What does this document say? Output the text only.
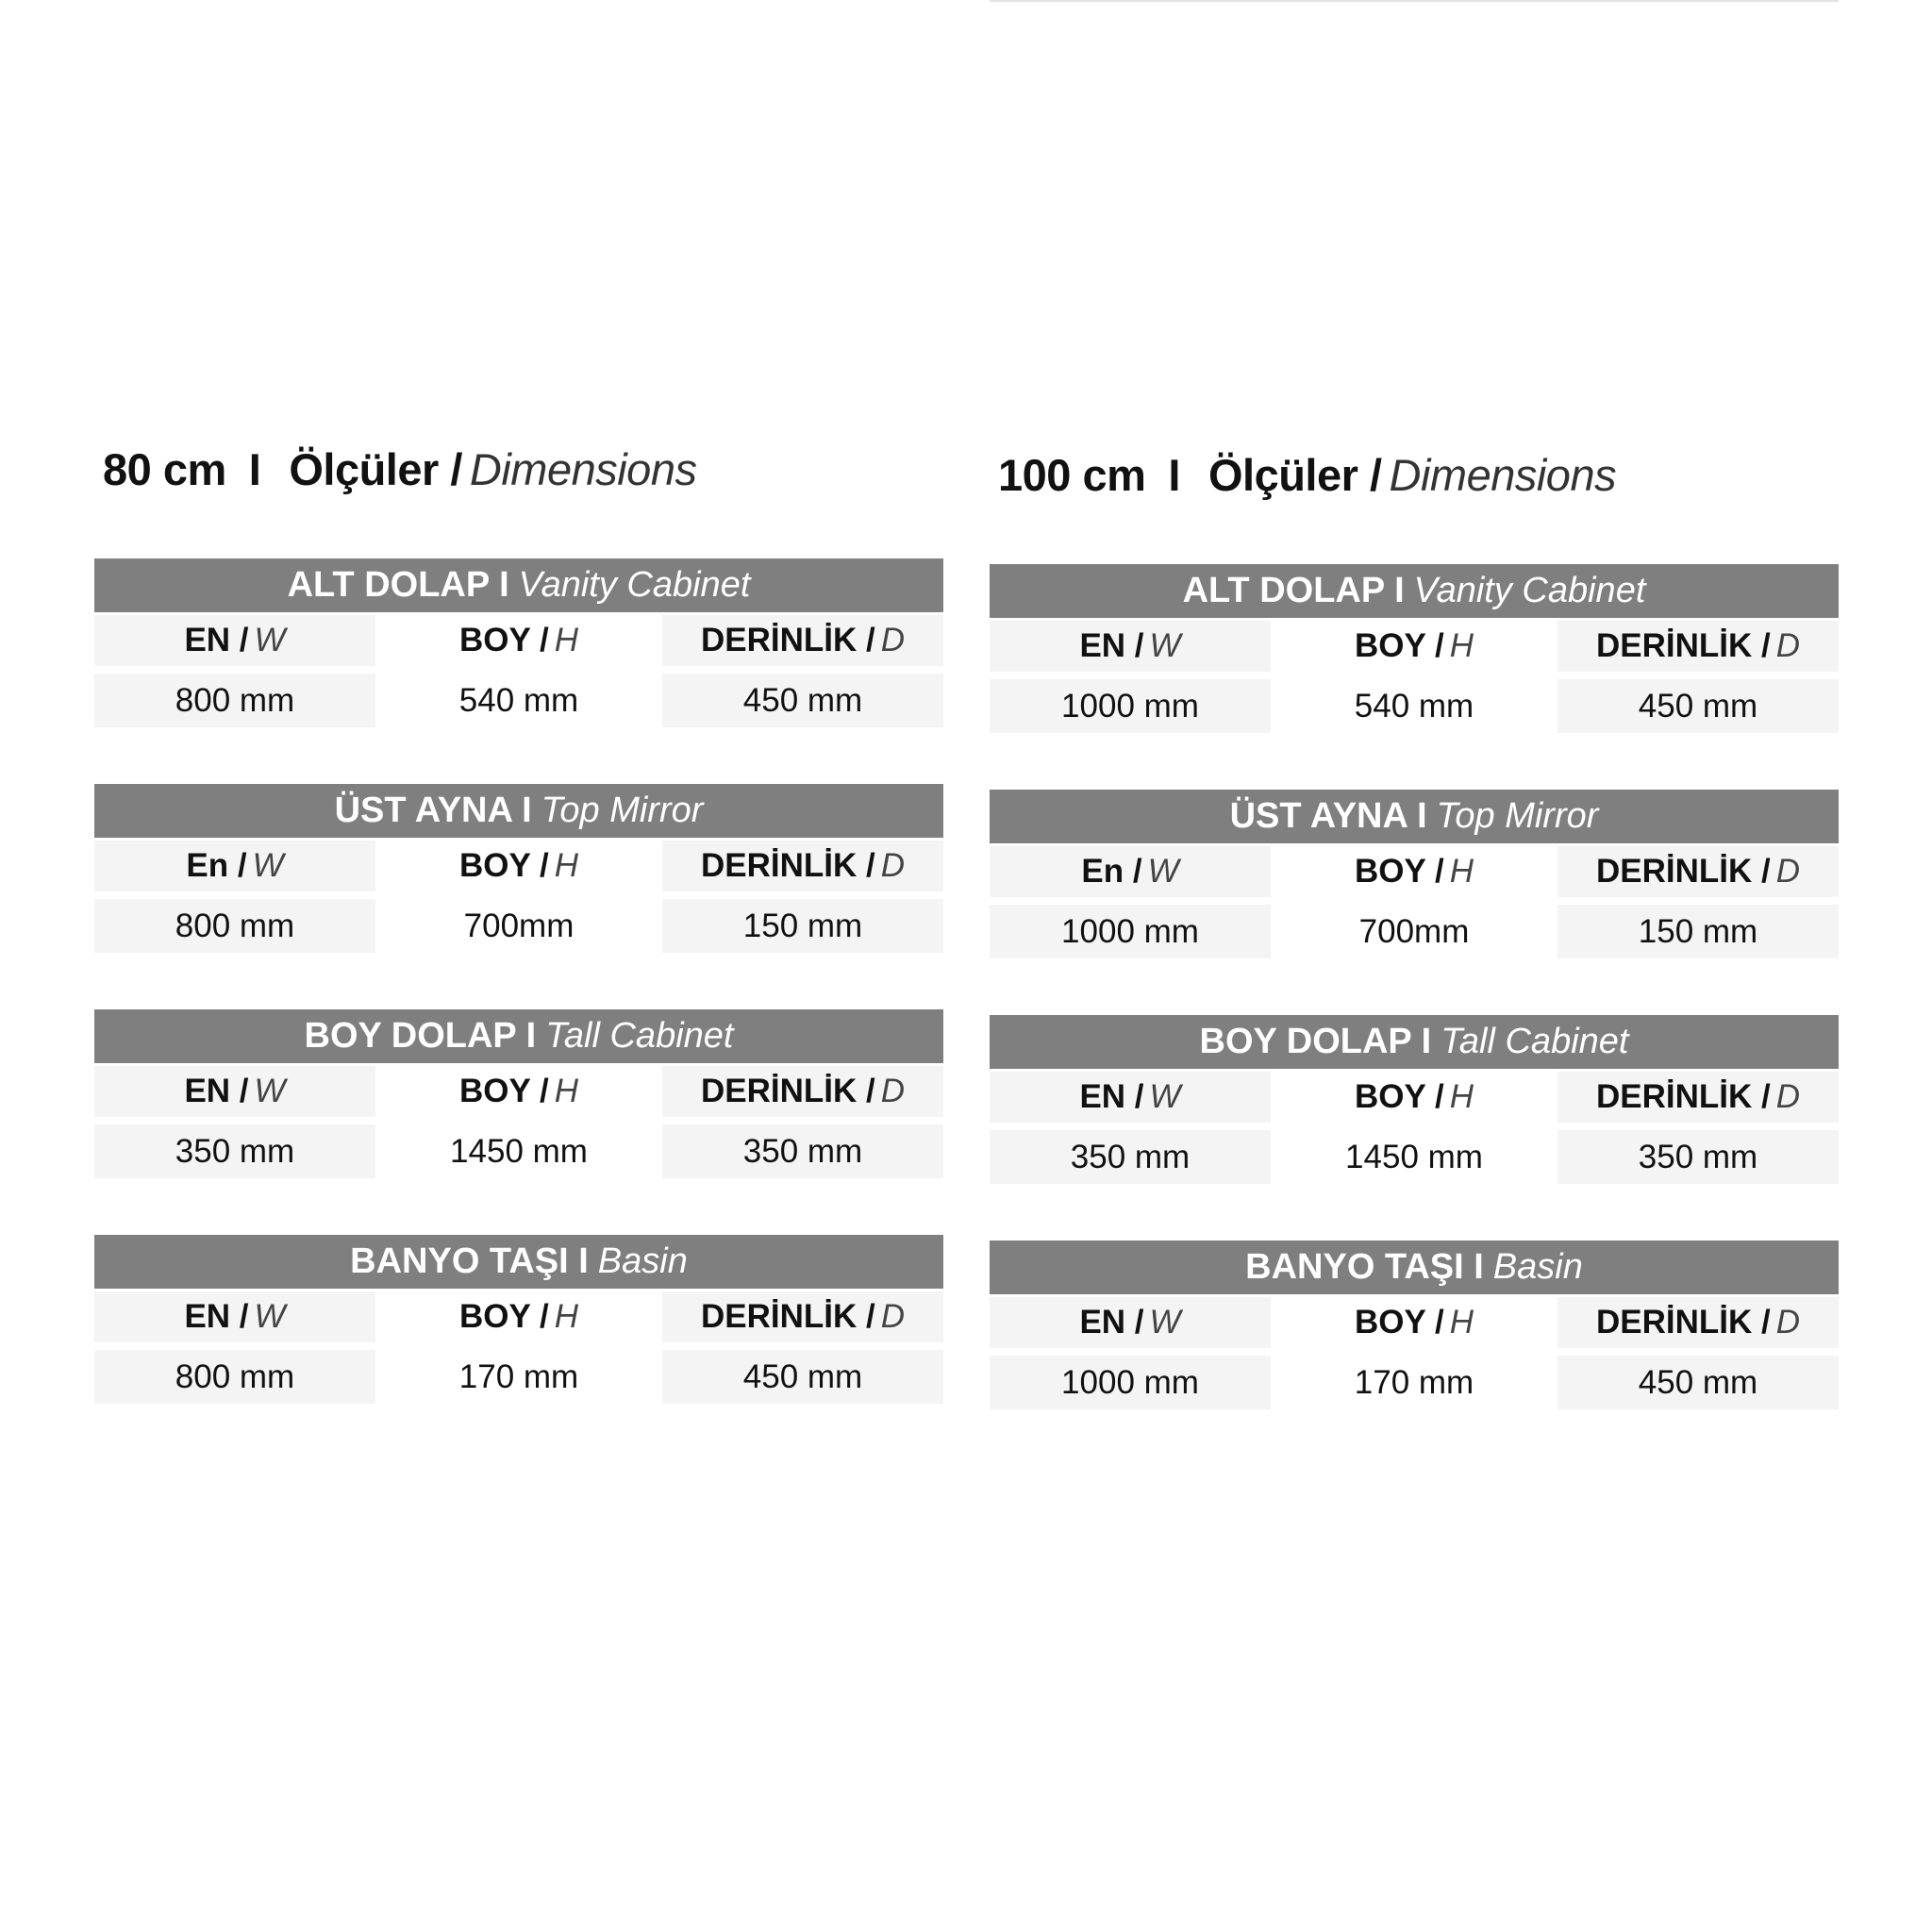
80 cm I Ölçüler / Dimensions
ALT DOLAP I Vanity Cabinet
EN / W	BOY / H	DERİNLİK / D
800 mm	540 mm	450 mm
ÜST AYNA I Top Mirror
En / W	BOY / H	DERİNLİK / D
800 mm	700mm	150 mm
BOY DOLAP I Tall Cabinet
EN / W	BOY / H	DERİNLİK / D
350 mm	1450 mm	350 mm
BANYO TAŞI I Basin
EN / W	BOY / H	DERİNLİK / D
800 mm	170 mm	450 mm
100 cm I Ölçüler / Dimensions
ALT DOLAP I Vanity Cabinet
EN / W	BOY / H	DERİNLİK / D
1000 mm	540 mm	450 mm
ÜST AYNA I Top Mirror
En / W	BOY / H	DERİNLİK / D
1000 mm	700mm	150 mm
BOY DOLAP I Tall Cabinet
EN / W	BOY / H	DERİNLİK / D
350 mm	1450 mm	350 mm
BANYO TAŞI I Basin
EN / W	BOY / H	DERİNLİK / D
1000 mm	170 mm	450 mm
